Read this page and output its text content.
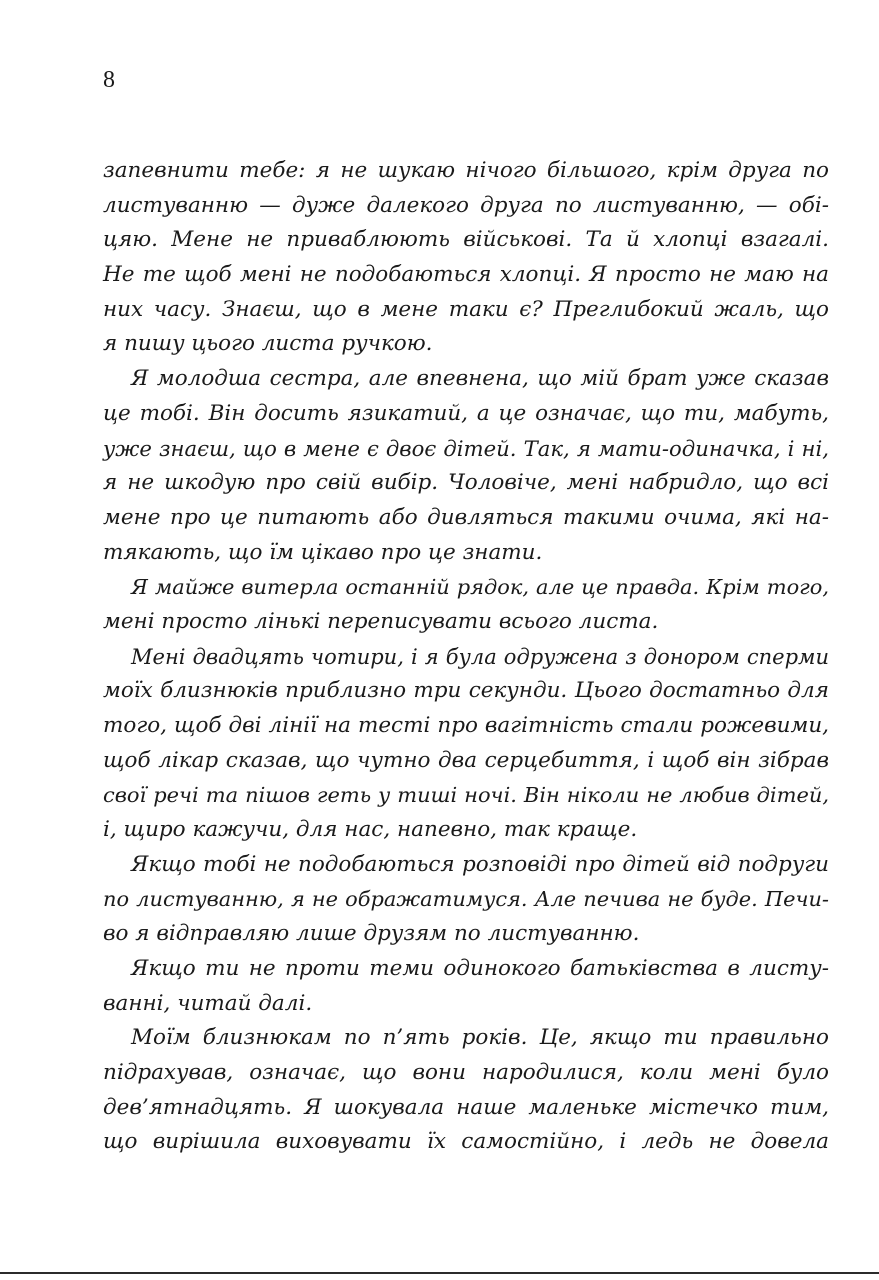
8
запевнити тебе: я не шукаю нічого більшого, крім друга по
листуванню — дуже далекого друга по листуванню, — обі-
цяю. Мене не приваблюють військові. Та й хлопці взагалі.
Не те щоб мені не подобаються хлопці. Я просто не маю на
них часу. Знаєш, що в мене таки є? Преглибокий жаль, що
я пишу цього листа ручкою.
Я молодша сестра, але впевнена, що мій брат уже сказав
це тобі. Він досить язикатий, а це означає, що ти, мабуть,
уже знаєш, що в мене є двоє дітей. Так, я мати-одиначка, і ні,
я не шкодую про свій вибір. Чоловіче, мені набридло, що всі
мене про це питають або дивляться такими очима, які на-
тякають, що їм цікаво про це знати.
Я майже витерла останній рядок, але це правда. Крім того,
мені просто лінькі переписувати всього листа.
Мені двадцять чотири, і я була одружена з донором сперми
моїх близнюків приблизно три секунди. Цього достатньо для
того, щоб дві лінії на тесті про вагітність стали рожевими,
щоб лікар сказав, що чутно два серцебиття, і щоб він зібрав
свої речі та пішов геть у тиші ночі. Він ніколи не любив дітей,
і, щиро кажучи, для нас, напевно, так краще.
Якщо тобі не подобаються розповіді про дітей від подруги
по листуванню, я не ображатимуся. Але печива не буде. Печи-
во я відправляю лише друзям по листуванню.
Якщо ти не проти теми одинокого батьківства в листу-
ванні, читай далі.
Моїм близнюкам по п’ять років. Це, якщо ти правильно
підрахував, означає, що вони народилися, коли мені було
дев’ятнадцять. Я шокувала наше маленьке містечко тим,
що вирішила виховувати їх самостійно, і ледь не довела
